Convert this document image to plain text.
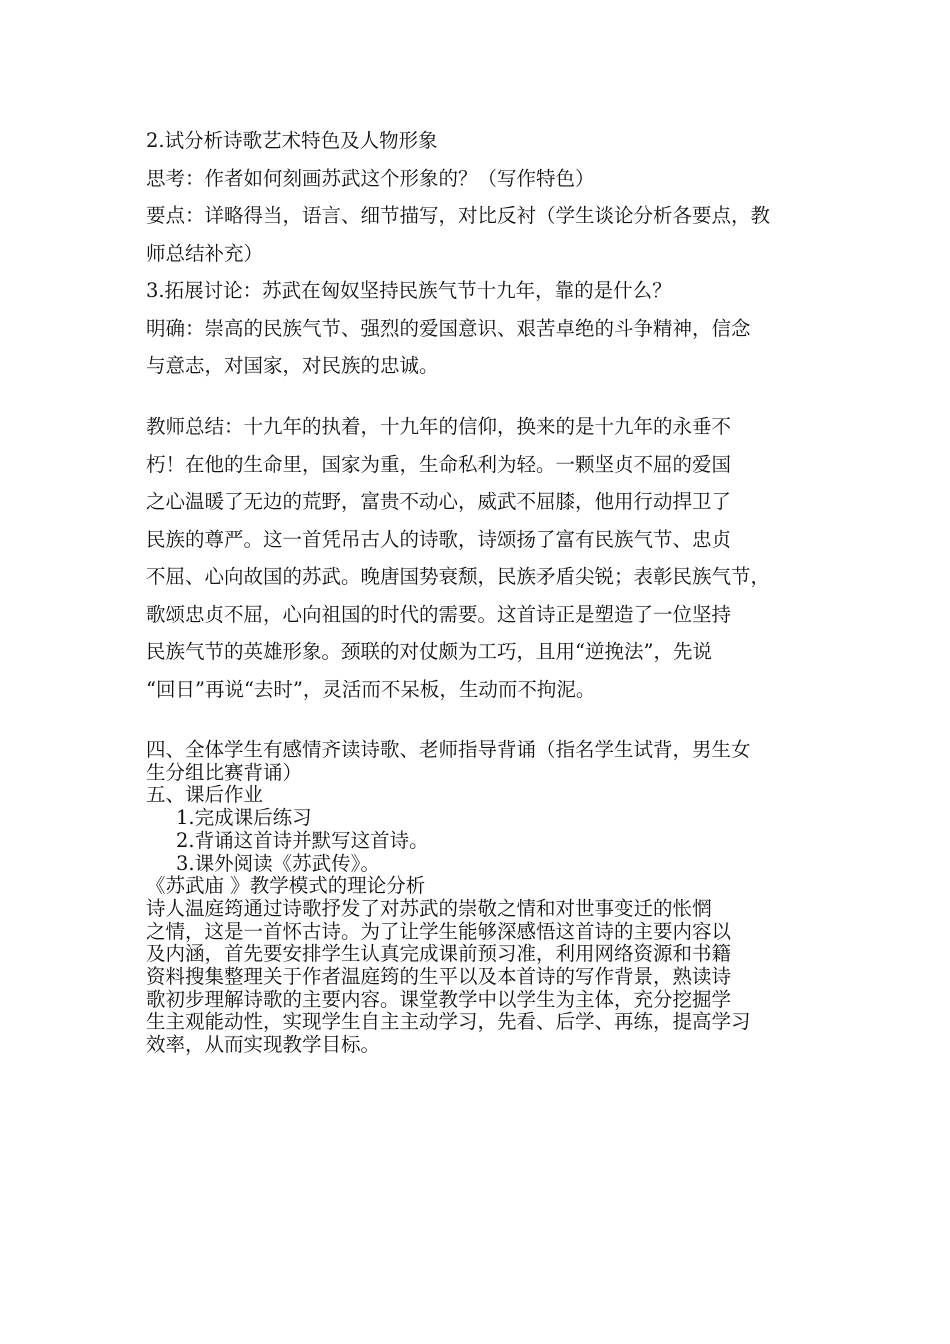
2.试分析诗歌艺术特色及人物形象

思考：作者如何刻画苏武这个形象的？（写作特色）

要点：详略得当，语言、细节描写，对比反衬（学生谈论分析各要点，教

师总结补充）

3.拓展讨论：苏武在匈奴坚持民族气节十九年，靠的是什么？

明确：崇高的民族气节、强烈的爱国意识、艰苦卓绝的斗争精神，信念

与意志，对国家，对民族的忠诚。

教师总结：十九年的执着，十九年的信仰，换来的是十九年的永垂不

朽！在他的生命里，国家为重，生命私利为轻。一颗坚贞不屈的爱国

之心温暖了无边的荒野，富贵不动心，威武不屈膝，他用行动捍卫了

民族的尊严。这一首凭吊古人的诗歌，诗颂扬了富有民族气节、忠贞

不屈、心向故国的苏武。晚唐国势衰颓，民族矛盾尖锐；表彰民族气节，

歌颂忠贞不屈，心向祖国的时代的需要。这首诗正是塑造了一位坚持

民族气节的英雄形象。颈联的对仗颇为工巧，且用“逆挽法”，先说

“回日”再说“去时”，灵活而不呆板，生动而不拘泥。

四、全体学生有感情齐读诗歌、老师指导背诵（指名学生试背，男生女

生分组比赛背诵）

五、课后作业

1.完成课后练习

2.背诵这首诗并默写这首诗。

3.课外阅读《苏武传》。

《苏武庙 》教学模式的理论分析

诗人温庭筠通过诗歌抒发了对苏武的崇敬之情和对世事变迁的怅惘

之情，这是一首怀古诗。为了让学生能够深感悟这首诗的主要内容以

及内涵，首先要安排学生认真完成课前预习准，利用网络资源和书籍

资料搜集整理关于作者温庭筠的生平以及本首诗的写作背景，熟读诗

歌初步理解诗歌的主要内容。课堂教学中以学生为主体，充分挖掘学

生主观能动性，实现学生自主主动学习，先看、后学、再练，提高学习

效率，从而实现教学目标。
